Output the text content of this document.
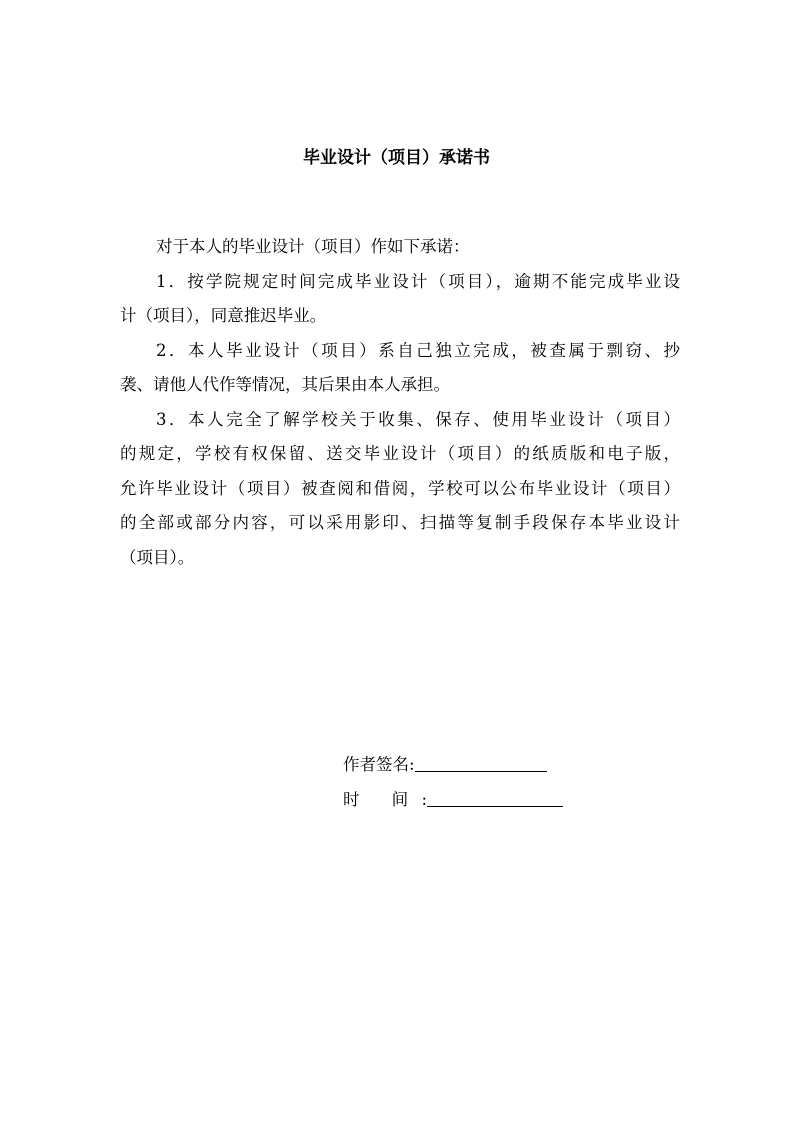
毕业设计（项目）承诺书
对于本人的毕业设计（项目）作如下承诺：
1．按学院规定时间完成毕业设计（项目），逾期不能完成毕业设
计（项目），同意推迟毕业。
2．本人毕业设计（项目）系自己独立完成，被查属于剽窃、抄
袭、请他人代作等情况，其后果由本人承担。
3．本人完全了解学校关于收集、保存、使用毕业设计（项目）
的规定，学校有权保留、送交毕业设计（项目）的纸质版和电子版，
允许毕业设计（项目）被查阅和借阅，学校可以公布毕业设计（项目）
的全部或部分内容，可以采用影印、扫描等复制手段保存本毕业设计
（项目）。
作者签名:
时 间:
